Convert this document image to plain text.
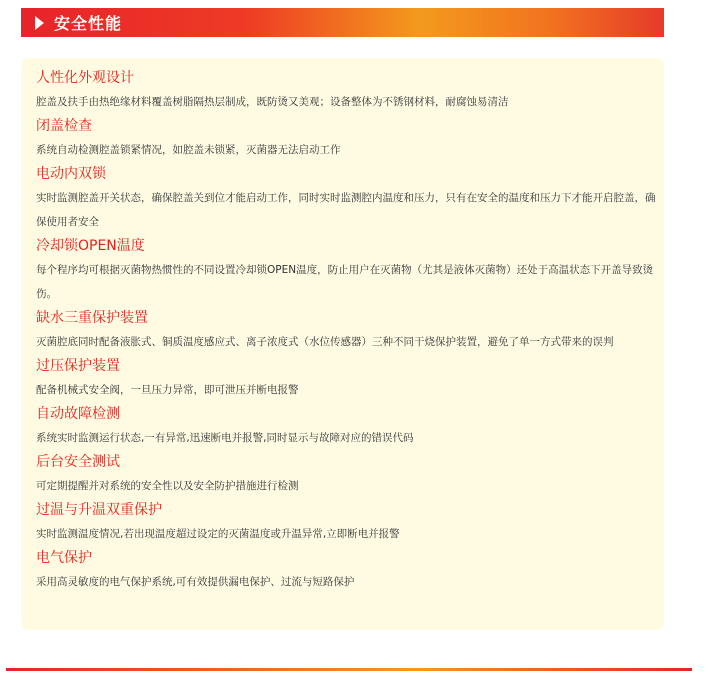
安全性能
人性化外观设计
腔盖及扶手由热绝缘材料覆盖树脂隔热层制成，既防烫又美观；设备整体为不锈钢材料，耐腐蚀易清洁
闭盖检查
系统自动检测腔盖锁紧情况，如腔盖未锁紧，灭菌器无法启动工作
电动内双锁
实时监测腔盖开关状态，确保腔盖关到位才能启动工作，同时实时监测腔内温度和压力，只有在安全的温度和压力下才能开启腔盖，确保使用者安全
冷却锁OPEN温度
每个程序均可根据灭菌物热惯性的不同设置冷却锁OPEN温度，防止用户在灭菌物（尤其是液体灭菌物）还处于高温状态下开盖导致烫伤。
缺水三重保护装置
灭菌腔底同时配备液胀式、铜质温度感应式、离子浓度式（水位传感器）三种不同干烧保护装置，避免了单一方式带来的误判
过压保护装置
配备机械式安全阀，一旦压力异常，即可泄压并断电报警
自动故障检测
系统实时监测运行状态,一有异常,迅速断电并报警,同时显示与故障对应的错误代码
后台安全测试
可定期提醒并对系统的安全性以及安全防护措施进行检测
过温与升温双重保护
实时监测温度情况,若出现温度超过设定的灭菌温度或升温异常,立即断电并报警
电气保护
采用高灵敏度的电气保护系统,可有效提供漏电保护、过流与短路保护
